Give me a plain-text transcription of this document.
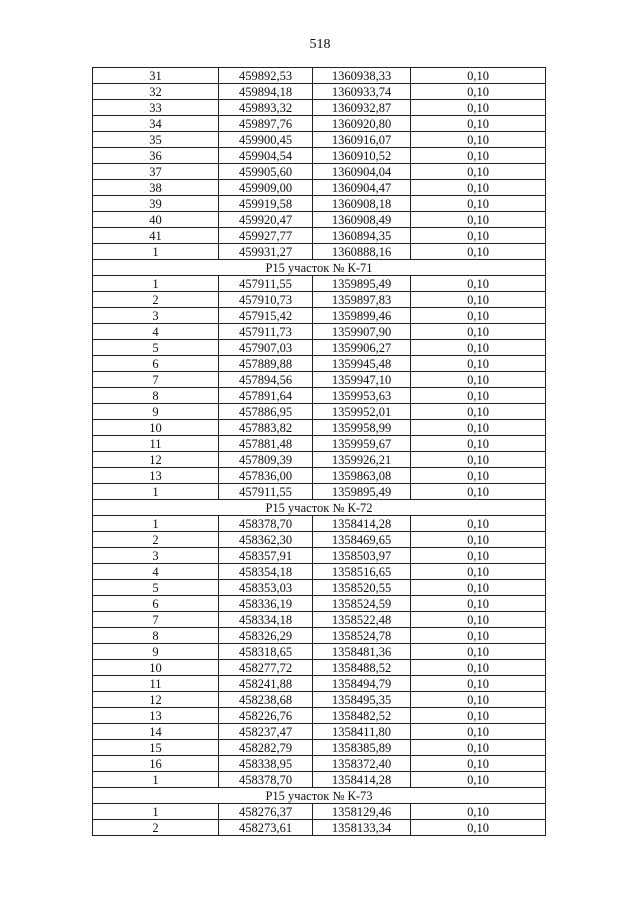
518
31	459892,53	1360938,33	0,10
32	459894,18	1360933,74	0,10
33	459893,32	1360932,87	0,10
34	459897,76	1360920,80	0,10
35	459900,45	1360916,07	0,10
36	459904,54	1360910,52	0,10
37	459905,60	1360904,04	0,10
38	459909,00	1360904,47	0,10
39	459919,58	1360908,18	0,10
40	459920,47	1360908,49	0,10
41	459927,77	1360894,35	0,10
1	459931,27	1360888,16	0,10
Р15 участок № К-71			
1	457911,55	1359895,49	0,10
2	457910,73	1359897,83	0,10
3	457915,42	1359899,46	0,10
4	457911,73	1359907,90	0,10
5	457907,03	1359906,27	0,10
6	457889,88	1359945,48	0,10
7	457894,56	1359947,10	0,10
8	457891,64	1359953,63	0,10
9	457886,95	1359952,01	0,10
10	457883,82	1359958,99	0,10
11	457881,48	1359959,67	0,10
12	457809,39	1359926,21	0,10
13	457836,00	1359863,08	0,10
1	457911,55	1359895,49	0,10
Р15 участок № К-72			
1	458378,70	1358414,28	0,10
2	458362,30	1358469,65	0,10
3	458357,91	1358503,97	0,10
4	458354,18	1358516,65	0,10
5	458353,03	1358520,55	0,10
6	458336,19	1358524,59	0,10
7	458334,18	1358522,48	0,10
8	458326,29	1358524,78	0,10
9	458318,65	1358481,36	0,10
10	458277,72	1358488,52	0,10
11	458241,88	1358494,79	0,10
12	458238,68	1358495,35	0,10
13	458226,76	1358482,52	0,10
14	458237,47	1358411,80	0,10
15	458282,79	1358385,89	0,10
16	458338,95	1358372,40	0,10
1	458378,70	1358414,28	0,10
Р15 участок № К-73			
1	458276,37	1358129,46	0,10
2	458273,61	1358133,34	0,10
